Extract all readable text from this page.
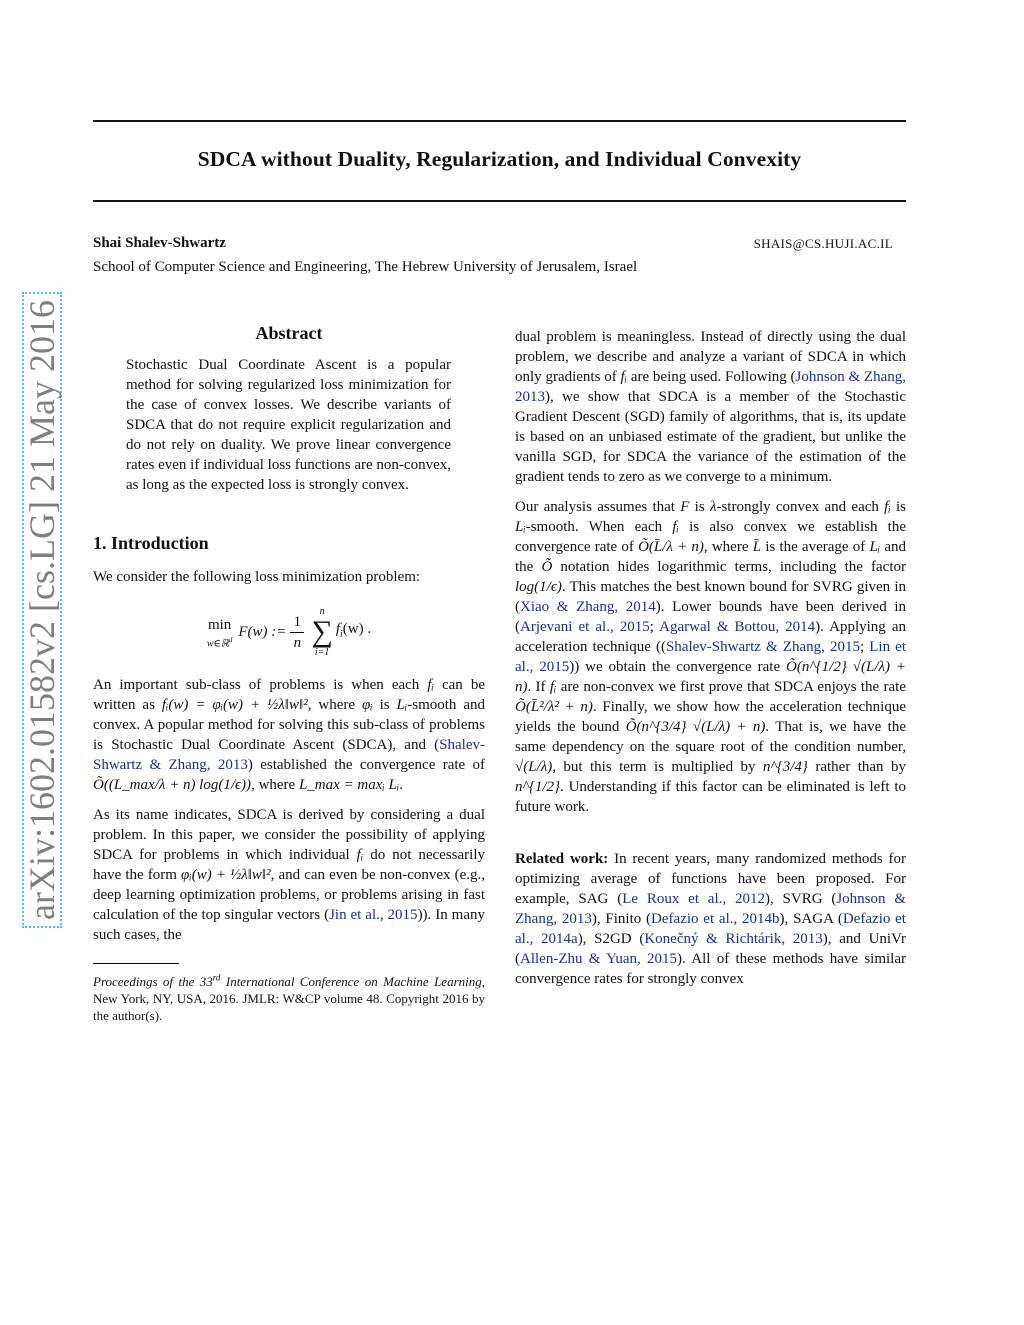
SDCA without Duality, Regularization, and Individual Convexity
Shai Shalev-Shwartz	SHAIS@CS.HUJI.AC.IL
School of Computer Science and Engineering, The Hebrew University of Jerusalem, Israel
arXiv:1602.01582v2 [cs.LG] 21 May 2016	Abstract
Stochastic Dual Coordinate Ascent is a popular method for solving regularized loss minimization for the case of convex losses. We describe variants of SDCA that do not require explicit regularization and do not rely on duality. We prove linear convergence rates even if individual loss functions are non-convex, as long as the expected loss is strongly convex.
1. Introduction

We consider the following loss minimization problem:

min
w∈ℝ$^d$ F(w) := $\frac{1}{n}$ n
∑
i=1
$f_i(w)$ .

An important sub-class of problems is when each fᵢ can be written as fᵢ(w) = φᵢ(w) + ½λ‖w‖², where φᵢ is Lᵢ-smooth and convex. A popular method for solving this sub-class of problems is Stochastic Dual Coordinate Ascent (SDCA), and (Shalev-Shwartz & Zhang, 2013) established the convergence rate of Õ((L_max/λ + n) log(1/ϵ)), where L_max = maxᵢ Lᵢ.

As its name indicates, SDCA is derived by considering a dual problem. In this paper, we consider the possibility of applying SDCA for problems in which individual fᵢ do not necessarily have the form φᵢ(w) + ½λ‖w‖², and can even be non-convex (e.g., deep learning optimization problems, or problems arising in fast calculation of the top singular vectors (Jin et al., 2015)). In many such cases, the

Proceedings of the 33rd International Conference on Machine Learning, New York, NY, USA, 2016. JMLR: W&CP volume 48. Copyright 2016 by the author(s).

dual problem is meaningless. Instead of directly using the dual problem, we describe and analyze a variant of SDCA in which only gradients of fᵢ are being used. Following (Johnson & Zhang, 2013), we show that SDCA is a member of the Stochastic Gradient Descent (SGD) family of algorithms, that is, its update is based on an unbiased estimate of the gradient, but unlike the vanilla SGD, for SDCA the variance of the estimation of the gradient tends to zero as we converge to a minimum.

Our analysis assumes that F is λ-strongly convex and each fᵢ is Lᵢ-smooth. When each fᵢ is also convex we establish the convergence rate of Õ(L̄/λ + n), where L̄ is the average of Lᵢ and the Õ notation hides logarithmic terms, including the factor log(1/ϵ). This matches the best known bound for SVRG given in (Xiao & Zhang, 2014). Lower bounds have been derived in (Arjevani et al., 2015; Agarwal & Bottou, 2014). Applying an acceleration technique ((Shalev-Shwartz & Zhang, 2015; Lin et al., 2015)) we obtain the convergence rate Õ(n^{1/2} √(L/λ) + n). If fᵢ are non-convex we first prove that SDCA enjoys the rate Õ(L̄²/λ² + n). Finally, we show how the acceleration technique yields the bound Õ(n^{3/4} √(L/λ) + n). That is, we have the same dependency on the square root of the condition number, √(L/λ), but this term is multiplied by n^{3/4} rather than by n^{1/2}. Understanding if this factor can be eliminated is left to future work.

Related work: In recent years, many randomized methods for optimizing average of functions have been proposed. For example, SAG (Le Roux et al., 2012), SVRG (Johnson & Zhang, 2013), Finito (Defazio et al., 2014b), SAGA (Defazio et al., 2014a), S2GD (Konečný & Richtárik, 2013), and UniVr (Allen-Zhu & Yuan, 2015). All of these methods have similar convergence rates for strongly convex
